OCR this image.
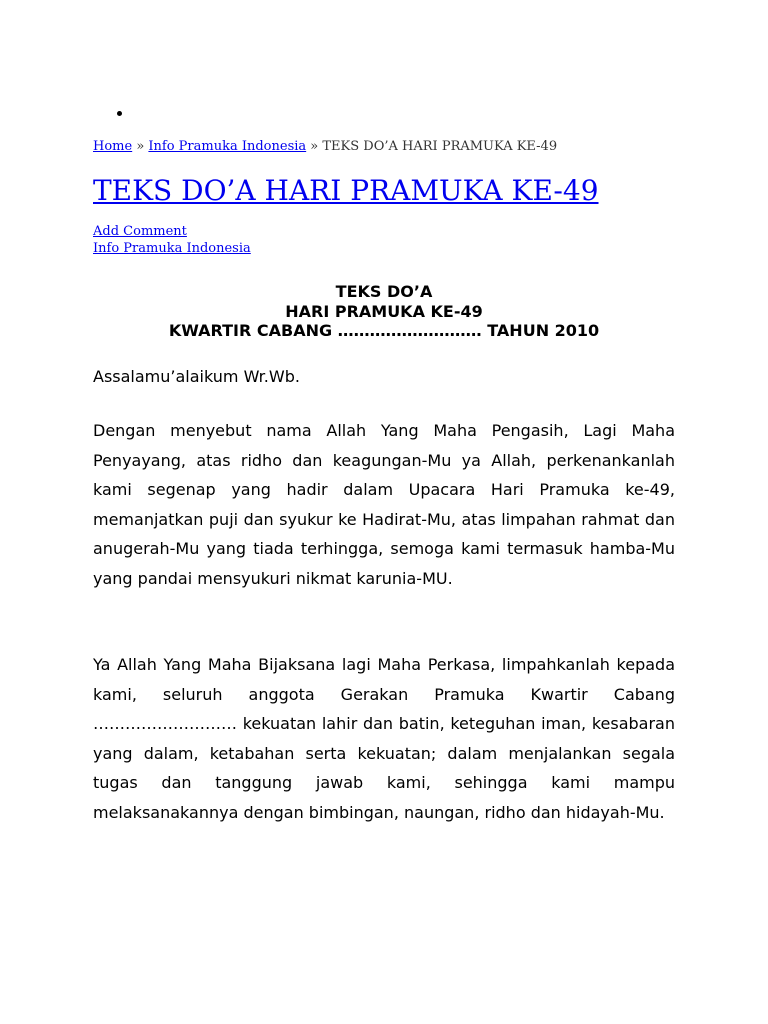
Home » Info Pramuka Indonesia » TEKS DO’A HARI PRAMUKA KE-49
TEKS DO’A HARI PRAMUKA KE-49
Add Comment
Info Pramuka Indonesia
TEKS DO’A
HARI PRAMUKA KE-49
KWARTIR CABANG ……………………… TAHUN 2010
Assalamu’alaikum Wr.Wb.

Dengan menyebut nama Allah Yang Maha Pengasih, Lagi Maha Penyayang, atas ridho dan keagungan-Mu ya Allah, perkenankanlah kami segenap yang hadir dalam Upacara Hari Pramuka ke-49, memanjatkan puji dan syukur ke Hadirat-Mu, atas limpahan rahmat dan anugerah-Mu yang tiada terhingga, semoga kami termasuk hamba-Mu yang pandai mensyukuri nikmat karunia-MU.

Ya Allah Yang Maha Bijaksana lagi Maha Perkasa, limpahkanlah kepada kami, seluruh anggota Gerakan Pramuka Kwartir Cabang ……………………… kekuatan lahir dan batin, keteguhan iman, kesabaran yang dalam, ketabahan serta kekuatan; dalam menjalankan segala tugas dan tanggung jawab kami, sehingga kami mampu melaksanakannya dengan bimbingan, naungan, ridho dan hidayah-Mu.
